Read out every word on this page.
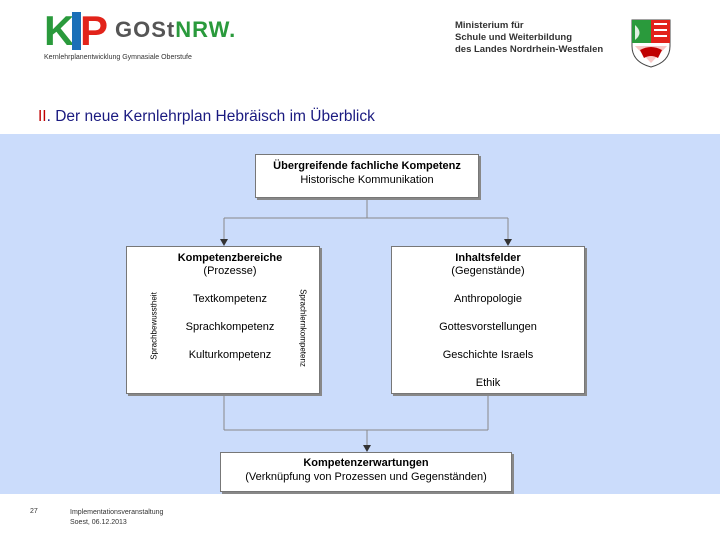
K P GOStNRW.
Kernlehrplanentwicklung Gymnasiale Oberstufe
Ministerium für
Schule und Weiterbildung
des Landes Nordrhein-Westfalen
II. Der neue Kernlehrplan Hebräisch im Überblick
Übergreifende fachliche Kompetenz
Historische Kommunikation
Kompetenzbereiche
(Prozesse)
Textkompetenz
Sprachkompetenz
Kulturkompetenz
Sprachbewusstheit	Sprachlernkompetenz
Inhaltsfelder
(Gegenstände)
Anthropologie
Gottesvorstellungen
Geschichte Israels
Ethik
Kompetenzerwartungen
(Verknüpfung von Prozessen und Gegenständen)
27	Implementationsveranstaltung
Soest, 06.12.2013
